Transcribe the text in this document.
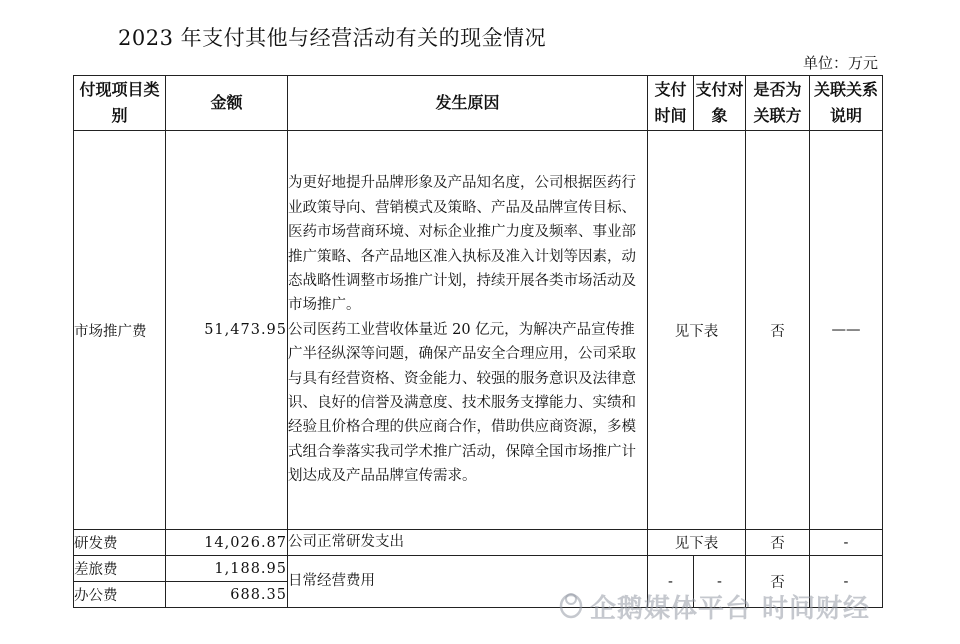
2023 年支付其他与经营活动有关的现金情况
单位：万元
付现项目类别	金额	发生原因	支付时间	支付对象	是否为关联方	关联关系说明
市场推广费	51,473.95	为更好地提升品牌形象及产品知名度，公司根据医药行业政策导向、营销模式及策略、产品及品牌宣传目标、医药市场营商环境、对标企业推广力度及频率、事业部推广策略、各产品地区准入执标及准入计划等因素，动态战略性调整市场推广计划，持续开展各类市场活动及市场推广。

公司医药工业营收体量近 20 亿元，为解决产品宣传推广半径纵深等问题，确保产品安全合理应用，公司采取与具有经营资格、资金能力、较强的服务意识及法律意识、良好的信誉及满意度、技术服务支撑能力、实绩和经验且价格合理的供应商合作，借助供应商资源，多模式组合拳落实我司学术推广活动，保障全国市场推广计划达成及产品品牌宣传需求。	见下表		否	——
研发费	14,026.87	公司正常研发支出	见下表		否	-
差旅费	1,188.95	日常经营费用	-	-	否	-
办公费	688.35						企鹅媒体平台 时间财经
